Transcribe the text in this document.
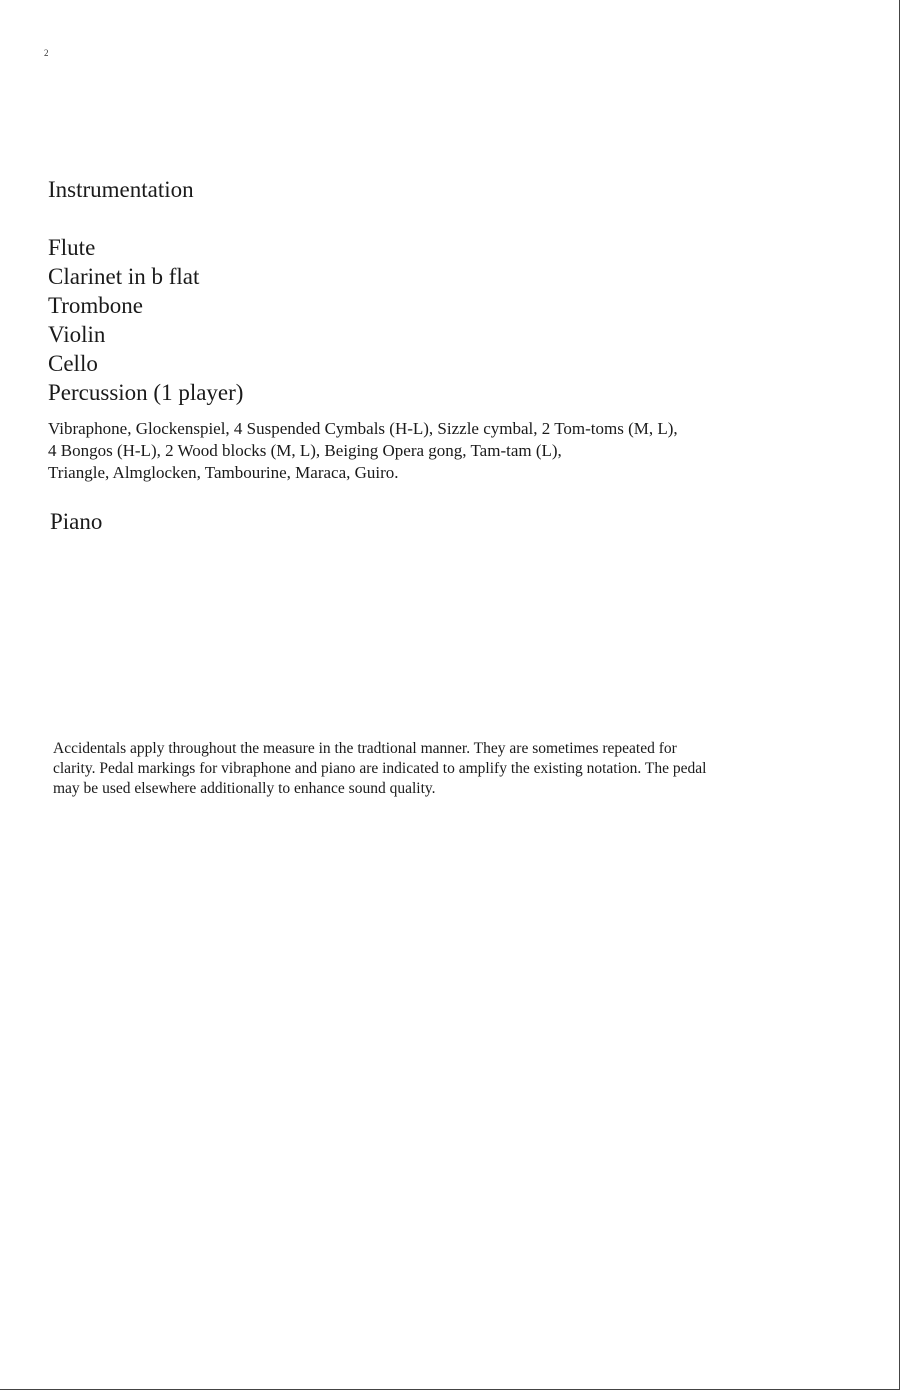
2
Instrumentation
Flute
Clarinet in b flat
Trombone
Violin
Cello
Percussion (1 player)
Vibraphone, Glockenspiel, 4 Suspended Cymbals (H-L), Sizzle cymbal, 2 Tom-toms (M, L),
4 Bongos (H-L), 2 Wood blocks (M, L), Beiging Opera gong, Tam-tam (L),
Triangle, Almglocken, Tambourine, Maraca, Guiro.
Piano
Accidentals apply throughout the measure in the tradtional manner. They are sometimes repeated for
clarity. Pedal markings for vibraphone and piano are indicated to amplify the existing notation. The pedal
may be used elsewhere additionally to enhance sound quality.
